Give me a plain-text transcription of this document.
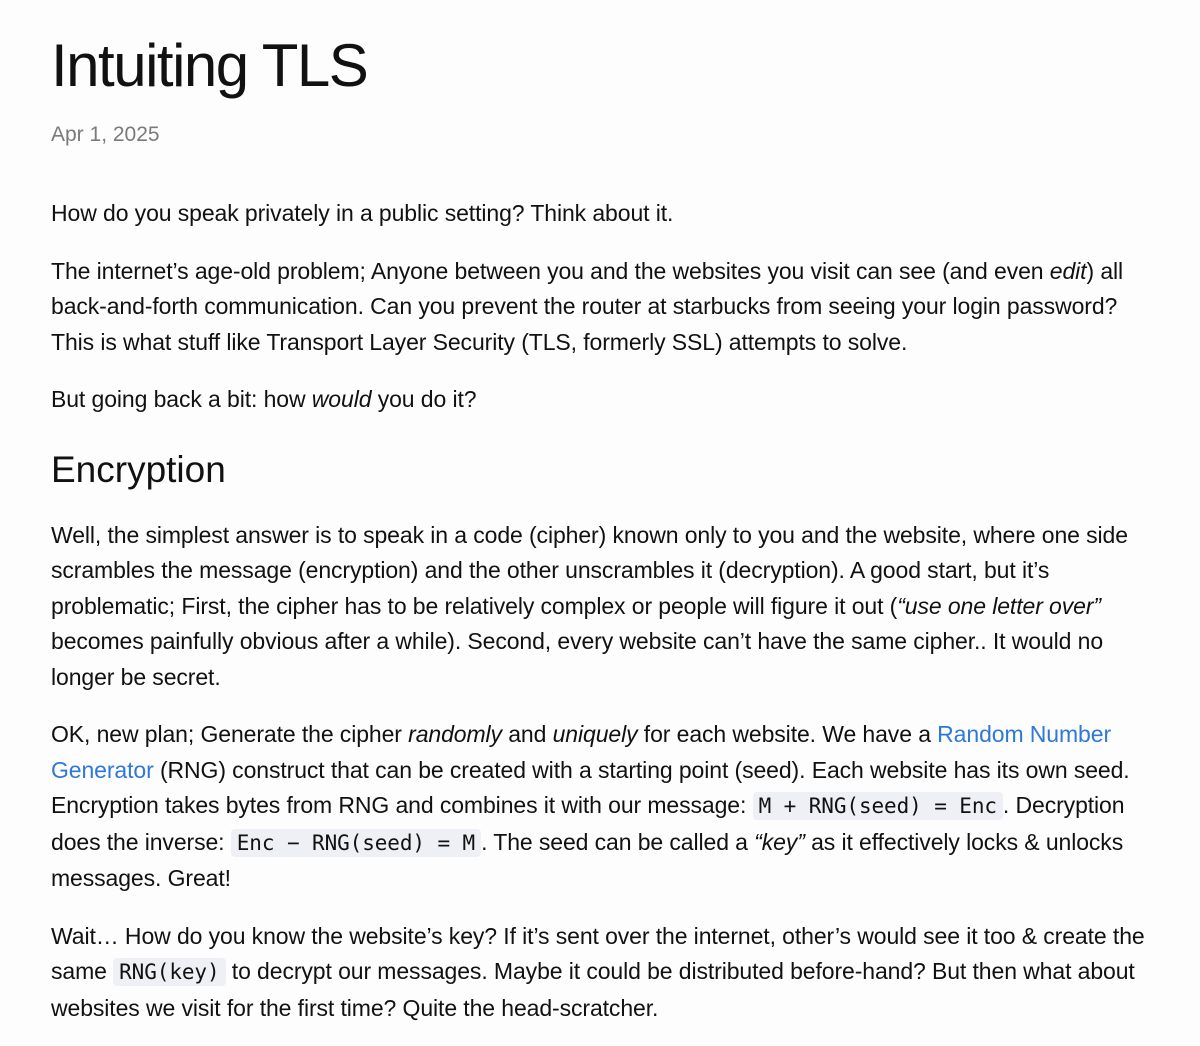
Intuiting TLS
Apr 1, 2025

How do you speak privately in a public setting? Think about it.

The internet’s age-old problem; Anyone between you and the websites you visit can see (and even edit) all back-and-forth communication. Can you prevent the router at starbucks from seeing your login password? This is what stuff like Transport Layer Security (TLS, formerly SSL) attempts to solve.

But going back a bit: how would you do it?

Encryption

Well, the simplest answer is to speak in a code (cipher) known only to you and the website, where one side scrambles the message (encryption) and the other unscrambles it (decryption). A good start, but it’s problematic; First, the cipher has to be relatively complex or people will figure it out (“use one letter over” becomes painfully obvious after a while). Second, every website can’t have the same cipher.. It would no longer be secret.

OK, new plan; Generate the cipher randomly and uniquely for each website. We have a Random Number Generator (RNG) construct that can be created with a starting point (seed). Each website has its own seed. Encryption takes bytes from RNG and combines it with our message: M + RNG(seed) = Enc . Decryption does the inverse: Enc − RNG(seed) = M . The seed can be called a “key” as it effectively locks & unlocks messages. Great!

Wait… How do you know the website’s key? If it’s sent over the internet, other’s would see it too & create the same RNG(key) to decrypt our messages. Maybe it could be distributed before-hand? But then what about websites we visit for the first time? Quite the head-scratcher.
